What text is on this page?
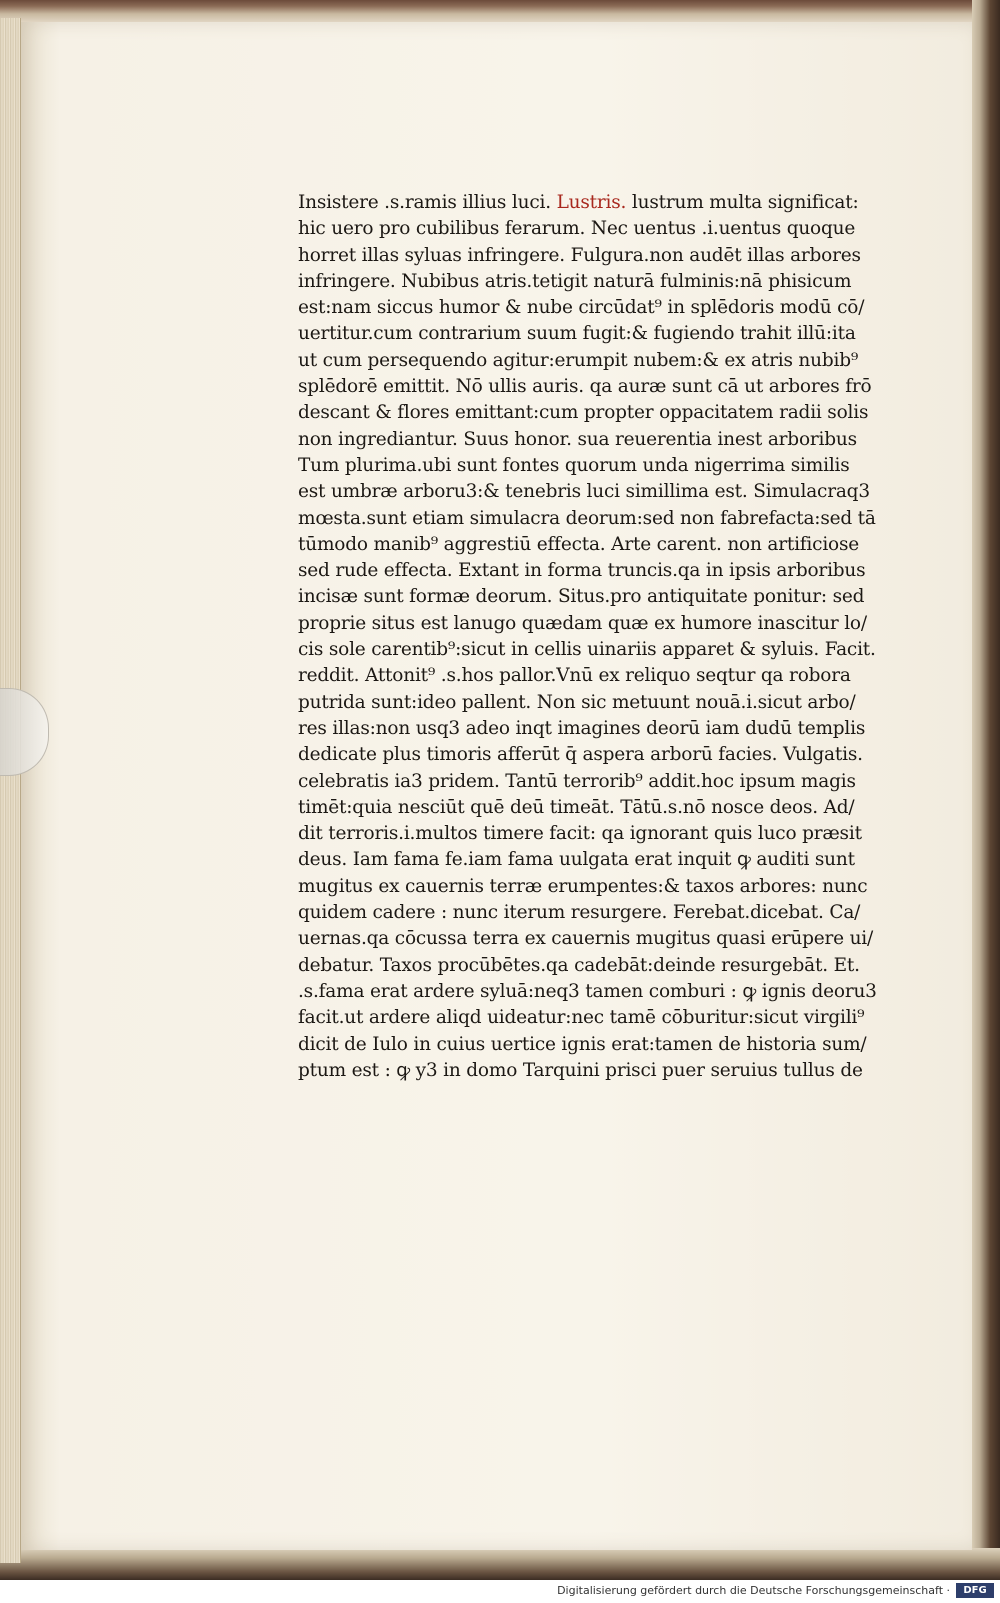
Insistere .s.ramis illius luci. Lustris. lustrum multa significat:
hic uero pro cubilibus ferarum. Nec uentus .i.uentus quoque
horret illas syluas infringere. Fulgura.non audēt illas arbores
infringere. Nubibus atris.tetigit naturā fulminis:nā phisicum
est:nam siccus humor & nube circūdat⁹ in splēdoris modū cō/
uertitur.cum contrarium suum fugit:& fugiendo trahit illū:ita
ut cum persequendo agitur:erumpit nubem:& ex atris nubib⁹
splēdorē emittit. Nō ullis auris. qa auræ sunt cā ut arbores frō
descant & flores emittant:cum propter oppacitatem radii solis
non ingrediantur. Suus honor. sua reuerentia inest arboribus
Tum plurima.ubi sunt fontes quorum unda nigerrima similis
est umbræ arboru3:& tenebris luci simillima est. Simulacraq3
mœsta.sunt etiam simulacra deorum:sed non fabrefacta:sed tā
tūmodo manib⁹ aggrestiū effecta. Arte carent. non artificiose
sed rude effecta. Extant in forma truncis.qa in ipsis arboribus
incisæ sunt formæ deorum. Situs.pro antiquitate ponitur: sed
proprie situs est lanugo quædam quæ ex humore inascitur lo/
cis sole carentib⁹:sicut in cellis uinariis apparet & syluis. Facit.
reddit. Attonit⁹ .s.hos pallor.Vnū ex reliquo seqtur qa robora
putrida sunt:ideo pallent. Non sic metuunt nouā.i.sicut arbo/
res illas:non usq3 adeo inqt imagines deorū iam dudū templis
dedicate plus timoris afferūt q̄ aspera arborū facies. Vulgatis.
celebratis ia3 pridem. Tantū terrorib⁹ addit.hoc ipsum magis
timēt:quia nesciūt quē deū timeāt. Tātū.s.nō nosce deos. Ad/
dit terroris.i.multos timere facit: qa ignorant quis luco præsit
deus. Iam fama fe.iam fama uulgata erat inquit ꝙ auditi sunt
mugitus ex cauernis terræ erumpentes:& taxos arbores: nunc
quidem cadere : nunc iterum resurgere. Ferebat.dicebat. Ca/
uernas.qa cōcussa terra ex cauernis mugitus quasi erūpere ui/
debatur. Taxos procūbētes.qa cadebāt:deinde resurgebāt. Et.
.s.fama erat ardere syluā:neq3 tamen comburi : ꝙ ignis deoru3
facit.ut ardere aliqd uideatur:nec tamē cōburitur:sicut virgili⁹
dicit de Iulo in cuius uertice ignis erat:tamen de historia sum/
ptum est : ꝙ y3 in domo Tarquini prisci puer seruius tullus de
Digitalisierung gefördert durch die Deutsche Forschungsgemeinschaft ·	DFG
